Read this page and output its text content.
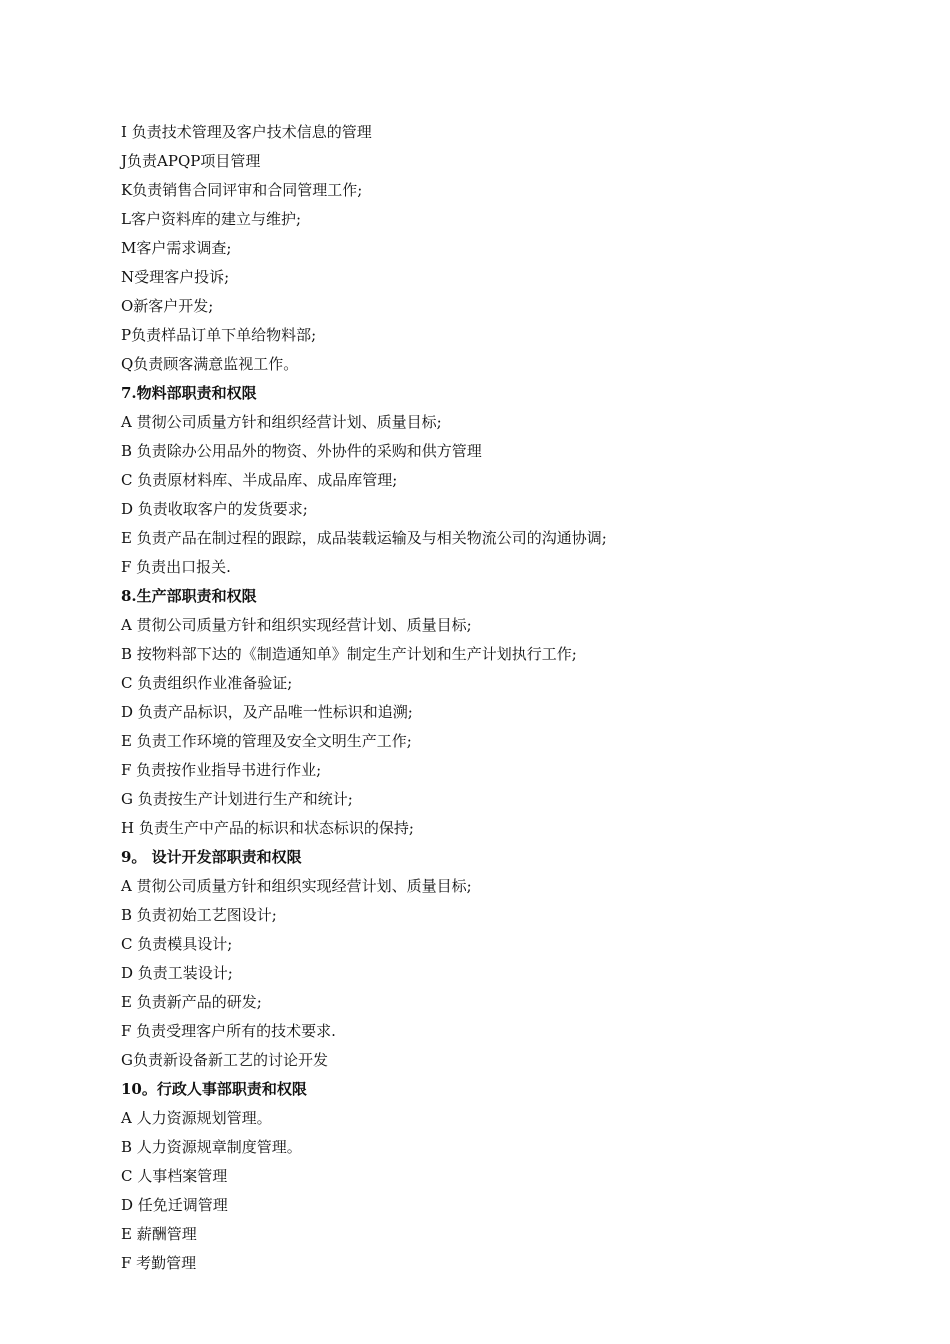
I 负责技术管理及客户技术信息的管理
J负责APQP项目管理
K负责销售合同评审和合同管理工作;
L客户资料库的建立与维护;
M客户需求调查;
N受理客户投诉;
O新客户开发;
P负责样品订单下单给物料部;
Q负责顾客满意监视工作。
7.物料部职责和权限
A 贯彻公司质量方针和组织经营计划、质量目标;
B 负责除办公用品外的物资、外协件的采购和供方管理
C 负责原材料库、半成品库、成品库管理;
D 负责收取客户的发货要求;
E 负责产品在制过程的跟踪，成品装载运输及与相关物流公司的沟通协调;
F 负责出口报关.
8.生产部职责和权限
A 贯彻公司质量方针和组织实现经营计划、质量目标;
B 按物料部下达的《制造通知单》制定生产计划和生产计划执行工作;
C 负责组织作业准备验证;
D 负责产品标识，及产品唯一性标识和追溯;
E 负责工作环境的管理及安全文明生产工作;
F 负责按作业指导书进行作业;
G 负责按生产计划进行生产和统计;
H 负责生产中产品的标识和状态标识的保持;
9。 设计开发部职责和权限
A 贯彻公司质量方针和组织实现经营计划、质量目标;
B 负责初始工艺图设计;
C 负责模具设计;
D 负责工装设计;
E 负责新产品的研发;
F 负责受理客户所有的技术要求.
G负责新设备新工艺的讨论开发
10。行政人事部职责和权限
A 人力资源规划管理。
B 人力资源规章制度管理。
C 人事档案管理
D 任免迁调管理
E 薪酬管理
F 考勤管理
